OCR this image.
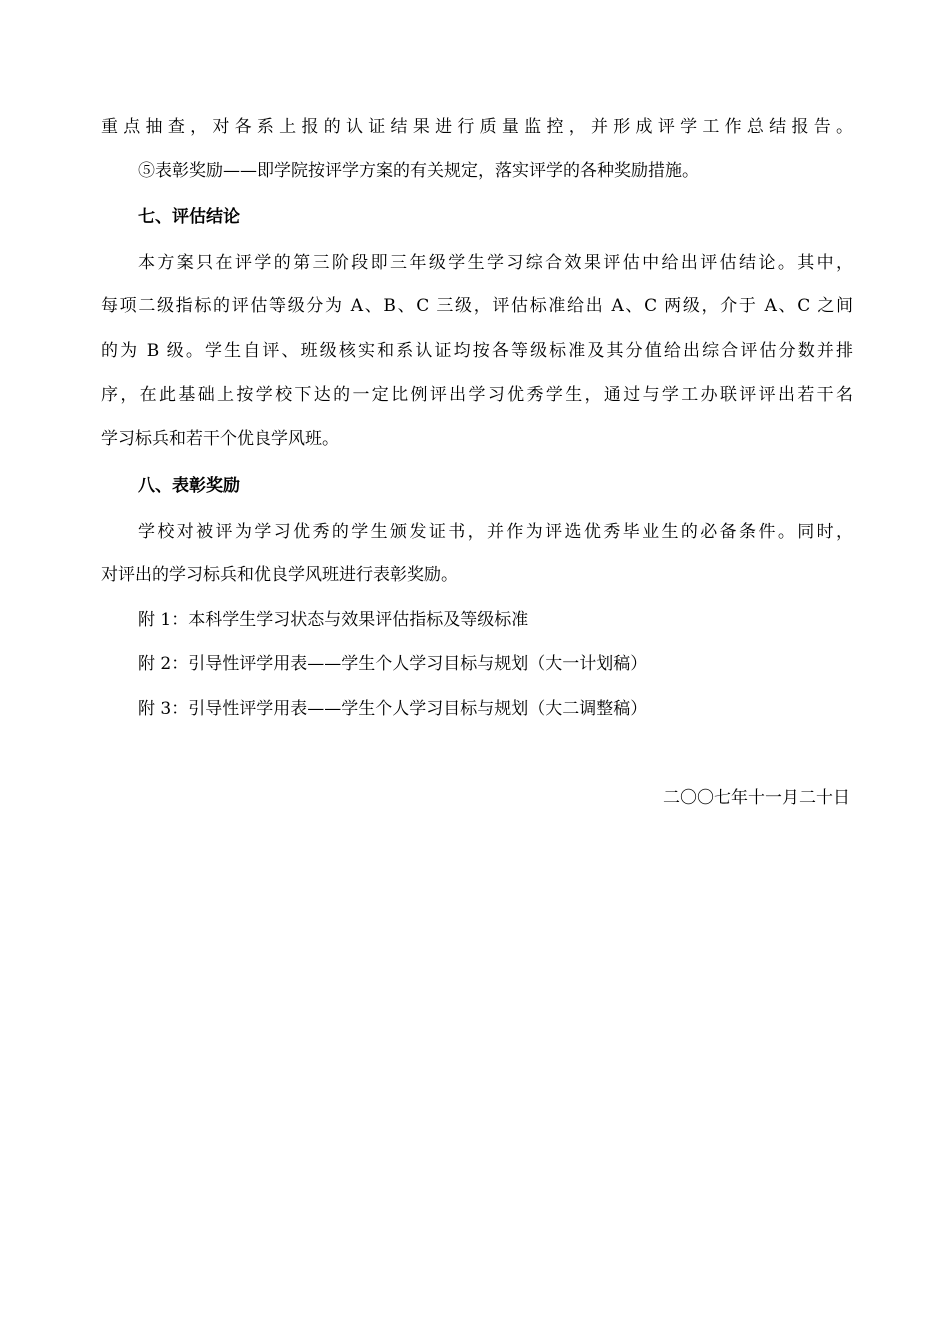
重点抽查，对各系上报的认证结果进行质量监控，并形成评学工作总结报告。
⑤表彰奖励——即学院按评学方案的有关规定，落实评学的各种奖励措施。
七、评估结论
本方案只在评学的第三阶段即三年级学生学习综合效果评估中给出评估结论。其中，
每项二级指标的评估等级分为 A、B、C 三级，评估标准给出 A、C 两级，介于 A、C 之间
的为 B 级。学生自评、班级核实和系认证均按各等级标准及其分值给出综合评估分数并排
序，在此基础上按学校下达的一定比例评出学习优秀学生，通过与学工办联评评出若干名
学习标兵和若干个优良学风班。
八、表彰奖励
学校对被评为学习优秀的学生颁发证书，并作为评选优秀毕业生的必备条件。同时，
对评出的学习标兵和优良学风班进行表彰奖励。
附 1：本科学生学习状态与效果评估指标及等级标准
附 2：引导性评学用表——学生个人学习目标与规划（大一计划稿）
附 3：引导性评学用表——学生个人学习目标与规划（大二调整稿）
二〇〇七年十一月二十日
